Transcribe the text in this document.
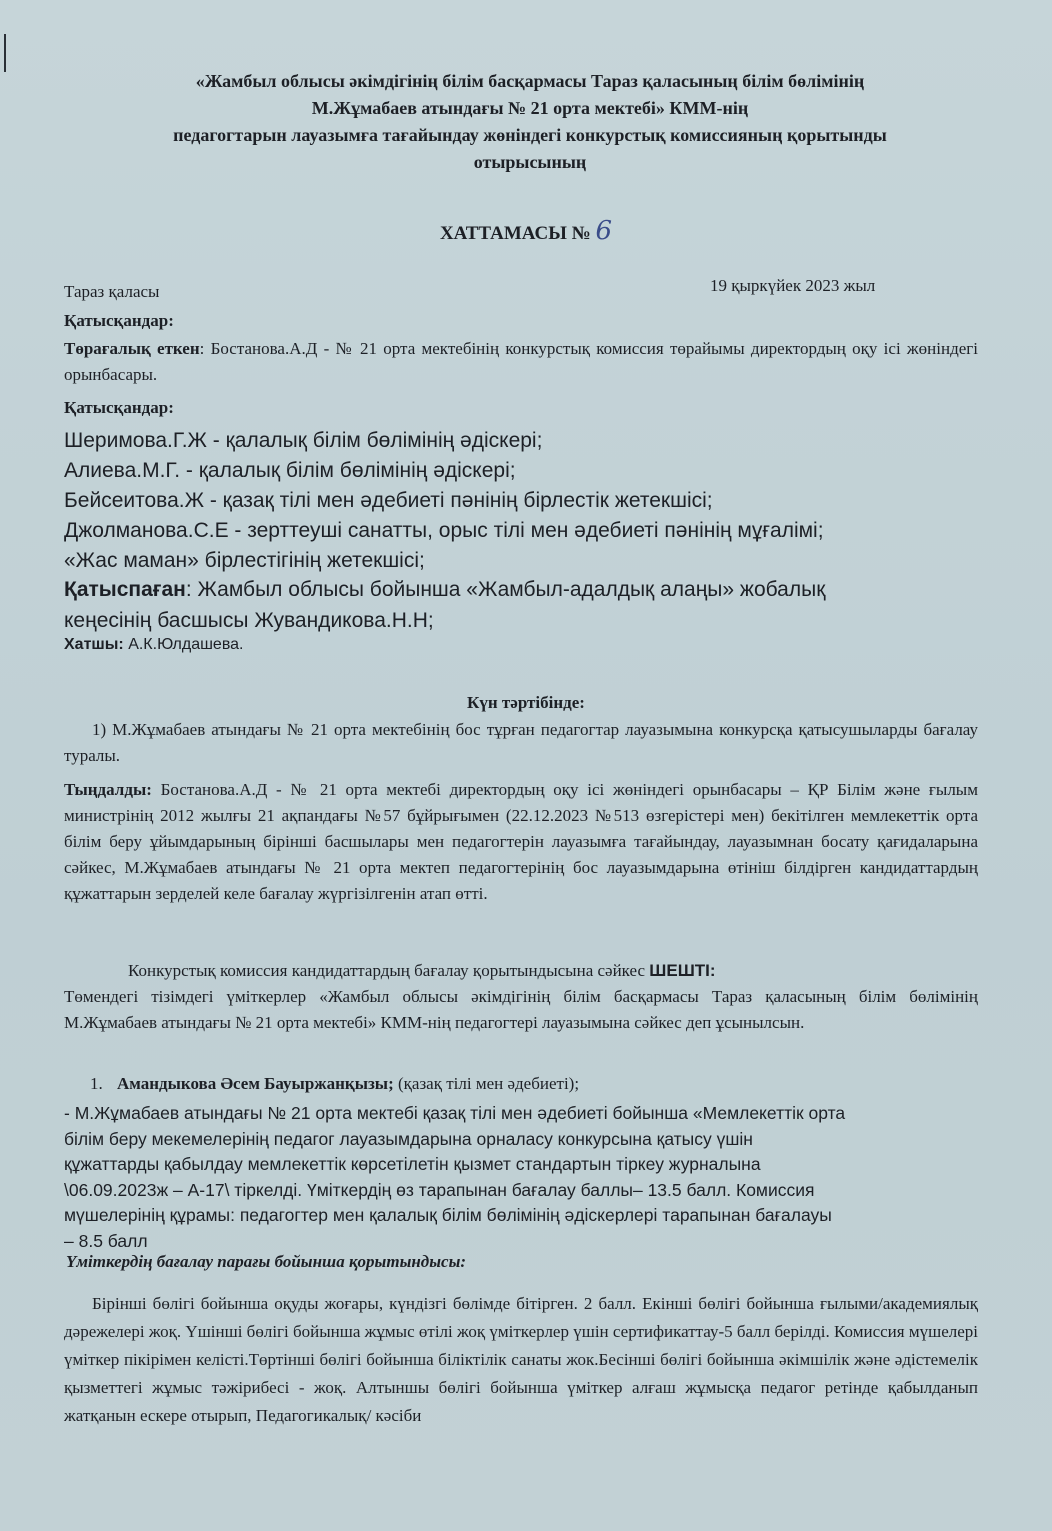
«Жамбыл облысы әкімдігінің білім басқармасы Тараз қаласының білім бөлімінің
М.Жұмабаев атындағы № 21 орта мектебі» КММ-нің
педагогтарын лауазымға тағайындау жөніндегі конкурстық комиссияның қорытынды
отырысының
ХАТТАМАСЫ № 6
Тараз қаласы	19 қыркүйек 2023 жыл
Қатысқандар:
Төрағалық еткен: Бостанова.А.Д - № 21 орта мектебінің конкурстық комиссия төрайымы директордың оқу ісі жөніндегі орынбасары.
Қатысқандар:
Шеримова.Г.Ж - қалалық білім бөлімінің әдіскері;
Алиева.М.Г. - қалалық білім бөлімінің әдіскері;
Бейсеитова.Ж - қазақ тілі мен әдебиеті пәнінің бірлестік жетекшісі;
Джолманова.С.Е - зерттеуші санатты, орыс тілі мен әдебиеті пәнінің мұғалімі;
«Жас маман» бірлестігінің жетекшісі;
Қатыспаған: Жамбыл облысы бойынша «Жамбыл-адалдық алаңы» жобалық
кеңесінің басшысы Жувандикова.Н.Н;
Хатшы: А.К.Юлдашева.
Күн тәртібінде:
1) М.Жұмабаев атындағы № 21 орта мектебінің бос тұрған педагогтар лауазымына конкурсқа қатысушыларды бағалау туралы.
Тыңдалды: Бостанова.А.Д - № 21 орта мектебі директордың оқу ісі жөніндегі орынбасары – ҚР Білім және ғылым министрінің 2012 жылғы 21 ақпандағы №57 бұйрығымен (22.12.2023 №513 өзгерістері мен) бекітілген мемлекеттік орта білім беру ұйымдарының бірінші басшылары мен педагогтерін лауазымға тағайындау, лауазымнан босату қағидаларына сәйкес, М.Жұмабаев атындағы № 21 орта мектеп педагогтерінің бос лауазымдарына өтініш білдірген кандидаттардың құжаттарын зерделей келе бағалау жүргізілгенін атап өтті.
Конкурстық комиссия кандидаттардың бағалау қорытындысына сәйкес ШЕШТІ:
Төмендегі тізімдегі үміткерлер «Жамбыл облысы әкімдігінің білім басқармасы Тараз қаласының білім бөлімінің М.Жұмабаев атындағы № 21 орта мектебі» КММ-нің педагогтері лауазымына сәйкес деп ұсынылсын.
1. Амандыкова Әсем Бауыржанқызы; (қазақ тілі мен әдебиеті);
- М.Жұмабаев атындағы № 21 орта мектебі қазақ тілі мен әдебиеті бойынша «Мемлекеттік орта
білім беру мекемелерінің педагог лауазымдарына орналасу конкурсына қатысу үшін
құжаттарды қабылдау мемлекеттік көрсетілетін қызмет стандартын тіркеу журналына
\06.09.2023ж – А-17\ тіркелді. Үміткердің өз тарапынан бағалау баллы– 13.5 балл. Комиссия
мүшелерінің құрамы: педагогтер мен қалалық білім бөлімінің әдіскерлері тарапынан бағалауы
– 8.5 балл
Үміткердің бағалау парағы бойынша қорытындысы:
Бірінші бөлігі бойынша оқуды жоғары, күндізгі бөлімде бітірген. 2 балл. Екінші бөлігі бойынша ғылыми/академиялық дәрежелері жоқ. Үшінші бөлігі бойынша жұмыс өтілі жоқ үміткерлер үшін сертификаттау-5 балл берілді. Комиссия мүшелері үміткер пікірімен келісті.Төртінші бөлігі бойынша біліктілік санаты жок.Бесінші бөлігі бойынша әкімшілік және әдістемелік қызметтегі жұмыс тәжірибесі - жоқ. Алтыншы бөлігі бойынша үміткер алғаш жұмысқа педагог ретінде қабылданып жатқанын ескере отырып, Педагогикалық/ кәсіби
